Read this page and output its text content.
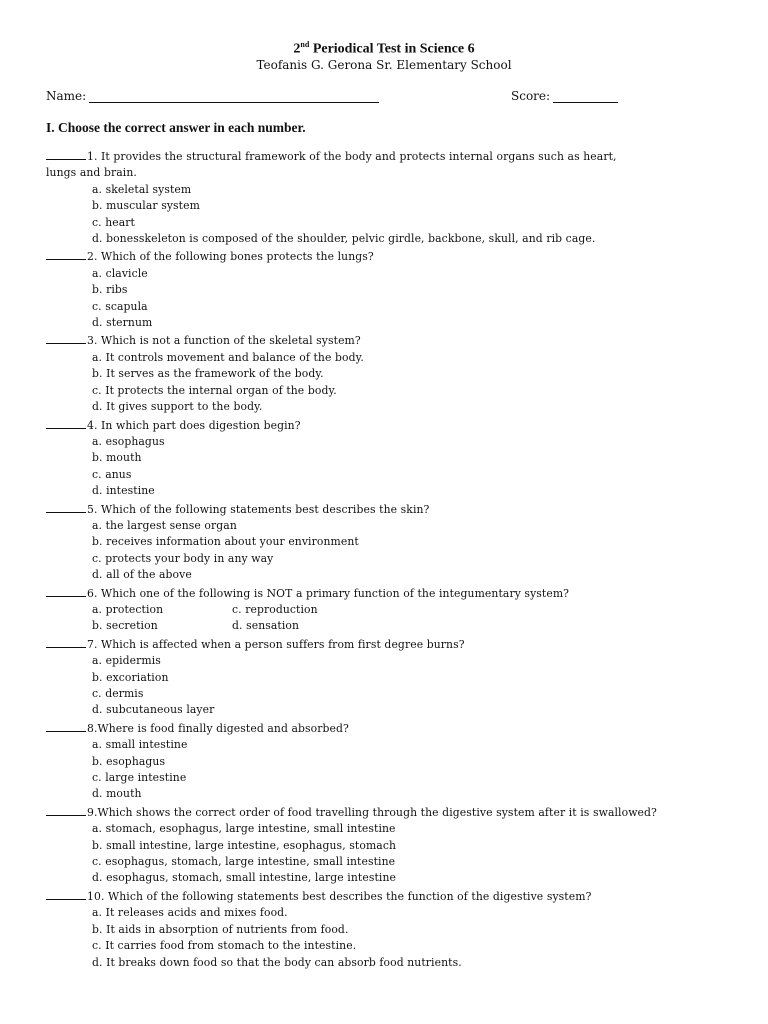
2nd Periodical Test in Science 6
Teofanis G. Gerona Sr. Elementary School
Name:	Score:
I. Choose the correct answer in each number.
1. It provides the structural framework of the body and protects internal organs such as heart,
lungs and brain.
a. skeletal system
b. muscular system
c. heart
d. bonesskeleton is composed of the shoulder, pelvic girdle, backbone, skull, and rib cage.
2. Which of the following bones protects the lungs?
a. clavicle
b. ribs
c. scapula
d. sternum
3. Which is not a function of the skeletal system?
a. It controls movement and balance of the body.
b. It serves as the framework of the body.
c. It protects the internal organ of the body.
d. It gives support to the body.
4. In which part does digestion begin?
a. esophagus
b. mouth
c. anus
d. intestine
5. Which of the following statements best describes the skin?
a. the largest sense organ
b. receives information about your environment
c. protects your body in any way
d. all of the above
6. Which one of the following is NOT a primary function of the integumentary system?
a. protection	c. reproduction
b. secretion	d. sensation
7. Which is affected when a person suffers from first degree burns?
a. epidermis
b. excoriation
c. dermis
d. subcutaneous layer
8.Where is food finally digested and absorbed?
a. small intestine
b. esophagus
c. large intestine
d. mouth
9.Which shows the correct order of food travelling through the digestive system after it is swallowed?
a. stomach, esophagus, large intestine, small intestine
b. small intestine, large intestine, esophagus, stomach
c. esophagus, stomach, large intestine, small intestine
d. esophagus, stomach, small intestine, large intestine
10. Which of the following statements best describes the function of the digestive system?
a. It releases acids and mixes food.
b. It aids in absorption of nutrients from food.
c. It carries food from stomach to the intestine.
d. It breaks down food so that the body can absorb food nutrients.
